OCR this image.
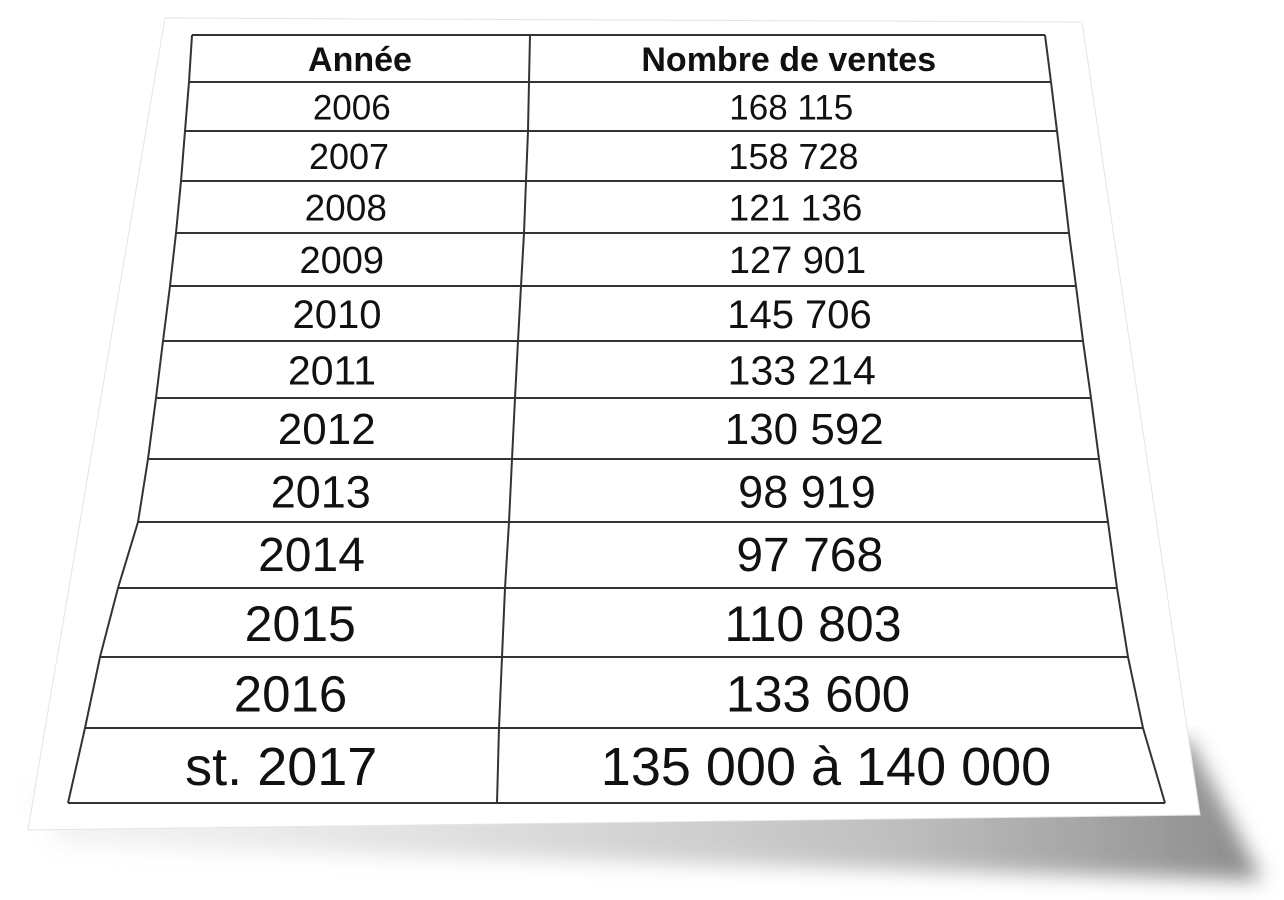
Année	Nombre de ventes
2006	168 115
2007	158 728
2008	121 136
2009	127 901
2010	145 706
2011	133 214
2012	130 592
2013	98 919
2014	97 768
2015	110 803
2016	133 600
st. 2017	135 000 à 140 000
